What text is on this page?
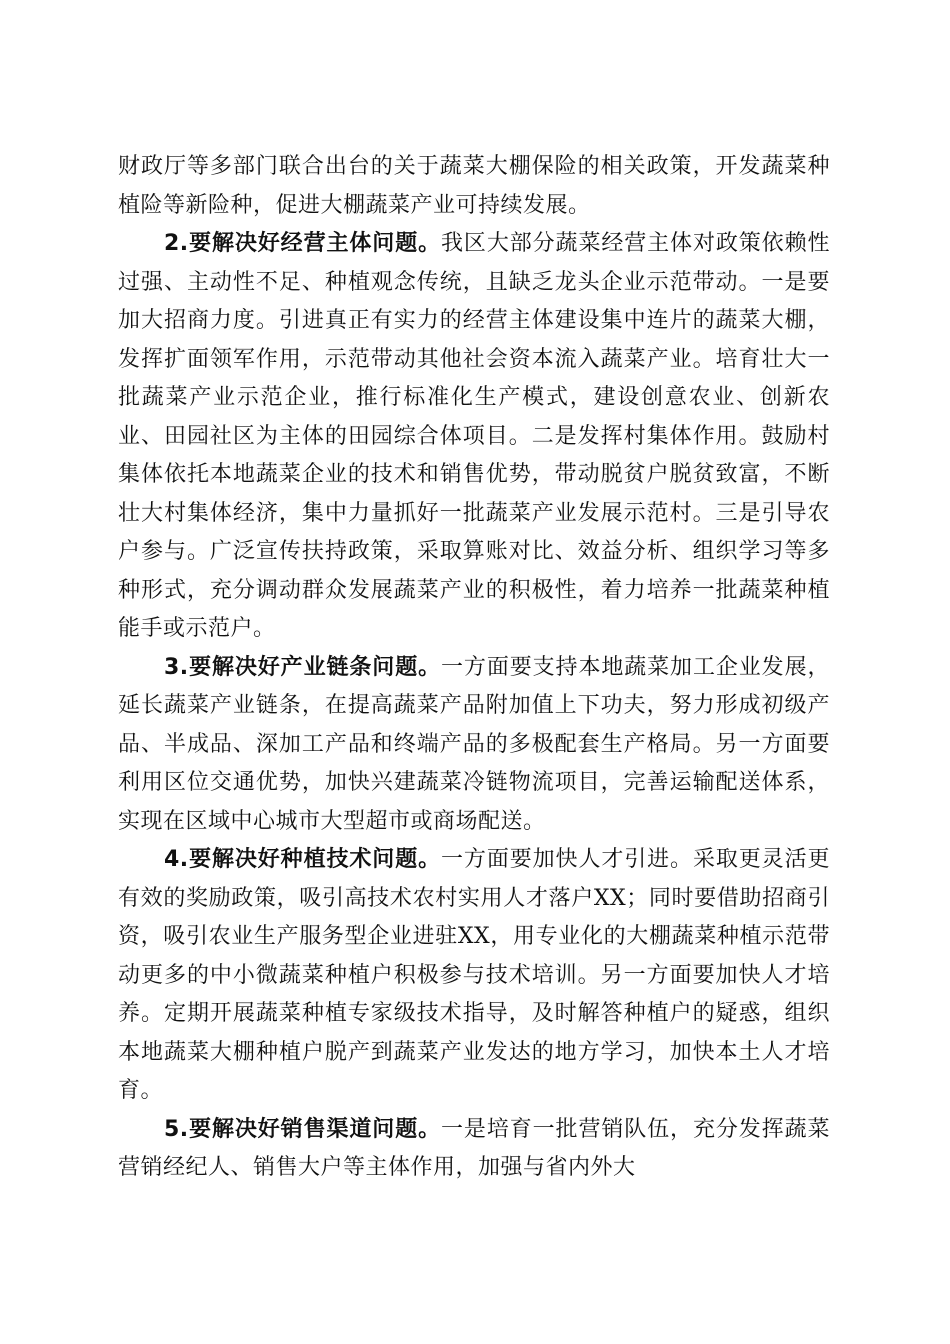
财政厅等多部门联合出台的关于蔬菜大棚保险的相关政策，开发蔬菜种植险等新险种，促进大棚蔬菜产业可持续发展。

2.要解决好经营主体问题。我区大部分蔬菜经营主体对政策依赖性过强、主动性不足、种植观念传统，且缺乏龙头企业示范带动。一是要加大招商力度。引进真正有实力的经营主体建设集中连片的蔬菜大棚，发挥扩面领军作用，示范带动其他社会资本流入蔬菜产业。培育壮大一批蔬菜产业示范企业，推行标准化生产模式，建设创意农业、创新农业、田园社区为主体的田园综合体项目。二是发挥村集体作用。鼓励村集体依托本地蔬菜企业的技术和销售优势，带动脱贫户脱贫致富，不断壮大村集体经济，集中力量抓好一批蔬菜产业发展示范村。三是引导农户参与。广泛宣传扶持政策，采取算账对比、效益分析、组织学习等多种形式，充分调动群众发展蔬菜产业的积极性，着力培养一批蔬菜种植能手或示范户。

3.要解决好产业链条问题。一方面要支持本地蔬菜加工企业发展，延长蔬菜产业链条，在提高蔬菜产品附加值上下功夫，努力形成初级产品、半成品、深加工产品和终端产品的多极配套生产格局。另一方面要利用区位交通优势，加快兴建蔬菜冷链物流项目，完善运输配送体系，实现在区域中心城市大型超市或商场配送。

4.要解决好种植技术问题。一方面要加快人才引进。采取更灵活更有效的奖励政策，吸引高技术农村实用人才落户XX；同时要借助招商引资，吸引农业生产服务型企业进驻XX，用专业化的大棚蔬菜种植示范带动更多的中小微蔬菜种植户积极参与技术培训。另一方面要加快人才培养。定期开展蔬菜种植专家级技术指导，及时解答种植户的疑惑，组织本地蔬菜大棚种植户脱产到蔬菜产业发达的地方学习，加快本土人才培育。

5.要解决好销售渠道问题。一是培育一批营销队伍，充分发挥蔬菜营销经纪人、销售大户等主体作用，加强与省内外大
